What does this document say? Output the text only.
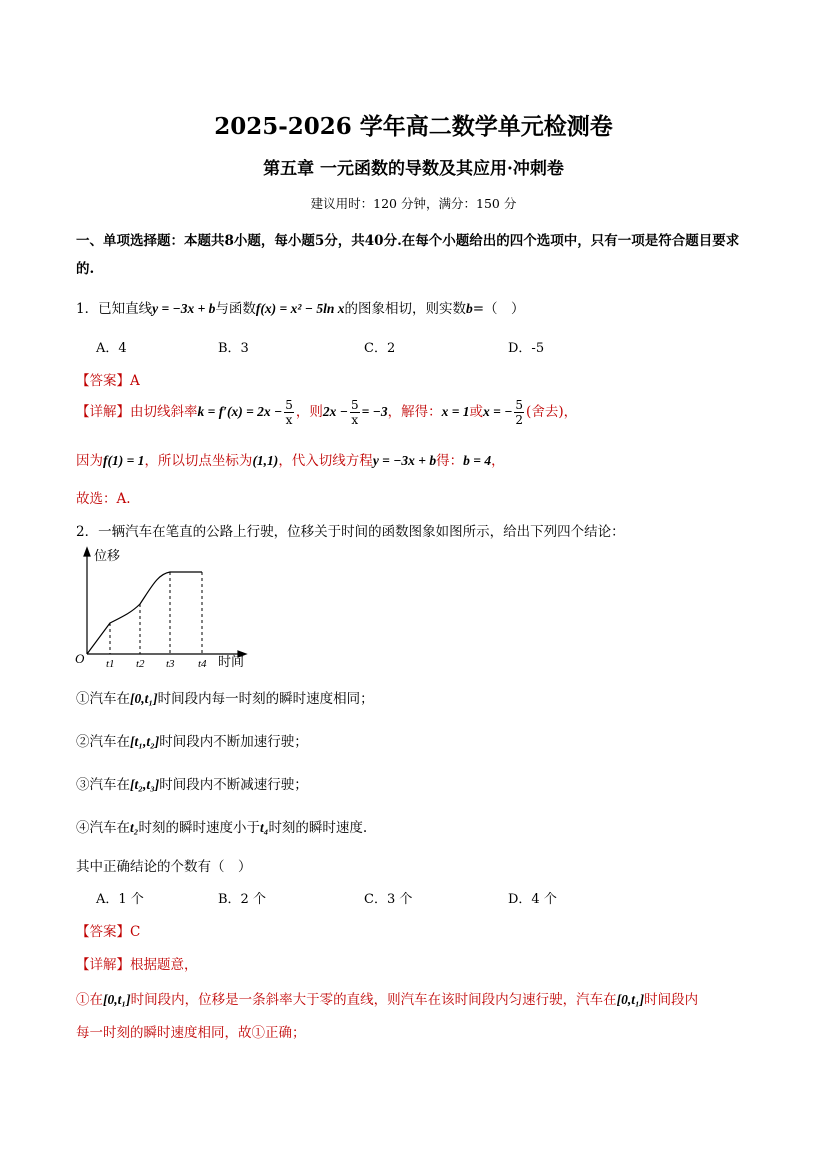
2025-2026 学年高二数学单元检测卷
第五章 一元函数的导数及其应用·冲刺卷
建议用时：120 分钟，满分：150 分
一、单项选择题：本题共8小题，每小题5分，共40分.在每个小题给出的四个选项中，只有一项是符合题目要求的.
1．已知直线y = −3x + b与函数f(x) = x² − 5ln x的图象相切，则实数b=（　）
A．4	B．3	C．2	D．-5
【答案】A
【详解】由切线斜率$k = f'(x) = 2x - \frac{5}{x}$ ，则$2x - \frac{5}{x} = -3$，解得：x = 1或x = − $\frac{5}{2}$ (舍去)，
因为f(1) = 1，所以切点坐标为(1,1)，代入切线方程y = −3x + b得：b = 4，
故选：A.
2．一辆汽车在笔直的公路上行驶，位移关于时间的函数图象如图所示，给出下列四个结论：
位移
O t1 t2 t3 t4 时间
①汽车在[0,t₁]时间段内每一时刻的瞬时速度相同；
②汽车在[t₁,t₂]时间段内不断加速行驶；
③汽车在[t₂,t₃]时间段内不断减速行驶；
④汽车在t₂时刻的瞬时速度小于t₄时刻的瞬时速度.
其中正确结论的个数有（　）
A．1 个	B．2 个	C．3 个	D．4 个
【答案】C
【详解】根据题意，
①在[0,t₁]时间段内，位移是一条斜率大于零的直线，则汽车在该时间段内匀速行驶，汽车在[0,t₁]时间段内
每一时刻的瞬时速度相同，故①正确；
